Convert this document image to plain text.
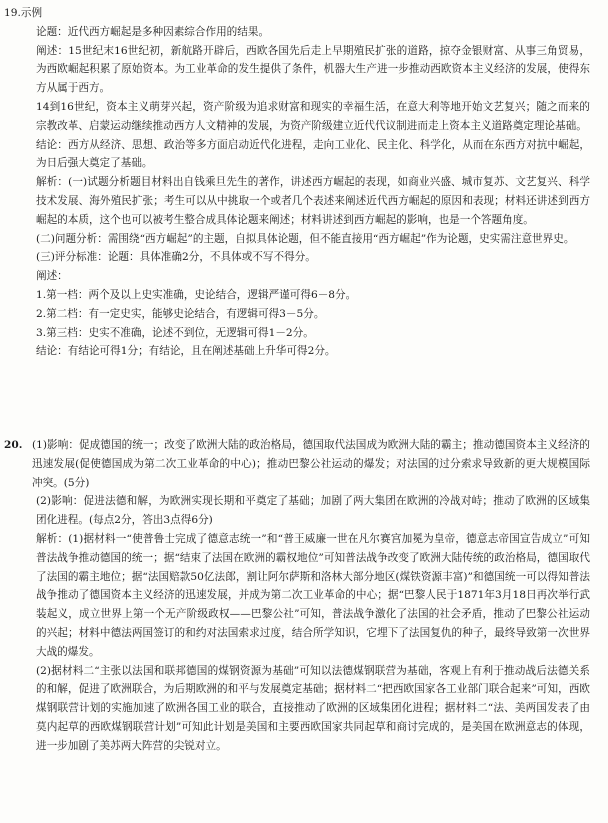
19.示例

论题：近代西方崛起是多种因素综合作用的结果。

阐述：15世纪末16世纪初，新航路开辟后，西欧各国先后走上早期殖民扩张的道路，掠夺金银财富、从事三角贸易，为西欧崛起积累了原始资本。为工业革命的发生提供了条件，机器大生产进一步推动西欧资本主义经济的发展，使得东方从属于西方。

14到16世纪，资本主义萌芽兴起，资产阶级为追求财富和现实的幸福生活，在意大利等地开始文艺复兴；随之而来的宗教改革、启蒙运动继续推动西方人文精神的发展，为资产阶级建立近代代议制进而走上资本主义道路奠定理论基础。

结论：西方从经济、思想、政治等多方面启动近代化进程，走向工业化、民主化、科学化，从而在东西方对抗中崛起，为日后强大奠定了基础。

解析：(一)试题分析题目材料出自钱乘旦先生的著作，讲述西方崛起的表现，如商业兴盛、城市复苏、文艺复兴、科学技术发展、海外殖民扩张；考生可以从中挑取一个或者几个表述来阐述近代西方崛起的原因和表现；材料还讲述到西方崛起的本质，这个也可以被考生整合成具体论题来阐述；材料讲述到西方崛起的影响，也是一个答题角度。

(二)问题分析：需围绕“西方崛起”的主题，自拟具体论题，但不能直接用“西方崛起”作为论题，史实需注意世界史。

(三)评分标准：论题：具体准确2分，不具体或不写不得分。

阐述：

1.第一档：两个及以上史实准确，史论结合，逻辑严谨可得6－8分。

2.第二档：有一定史实，能够史论结合，有逻辑可得3－5分。

3.第三档：史实不准确，论述不到位，无逻辑可得1－2分。

结论：有结论可得1分；有结论，且在阐述基础上升华可得2分。

20. (1)影响：促成德国的统一；改变了欧洲大陆的政治格局，德国取代法国成为欧洲大陆的霸主；推动德国资本主义经济的迅速发展(促使德国成为第二次工业革命的中心)；推动巴黎公社运动的爆发；对法国的过分索求导致新的更大规模国际冲突。(5分)

(2)影响：促进法德和解，为欧洲实现长期和平奠定了基础；加剧了两大集团在欧洲的冷战对峙；推动了欧洲的区域集团化进程。(每点2分，答出3点得6分)

解析：(1)据材料一“使普鲁士完成了德意志统一”和“普王威廉一世在凡尔赛宫加冕为皇帝，德意志帝国宣告成立”可知普法战争推动德国的统一；据“结束了法国在欧洲的霸权地位”可知普法战争改变了欧洲大陆传统的政治格局，德国取代了法国的霸主地位；据“法国赔款50亿法郎，割让阿尔萨斯和洛林大部分地区(煤铁资源丰富)”和德国统一可以得知普法战争推动了德国资本主义经济的迅速发展，并成为第二次工业革命的中心；据“巴黎人民于1871年3月18日再次举行武装起义，成立世界上第一个无产阶级政权——巴黎公社”可知，普法战争激化了法国的社会矛盾，推动了巴黎公社运动的兴起；材料中德法两国签订的和约对法国索求过度，结合所学知识，它埋下了法国复仇的种子，最终导致第一次世界大战的爆发。

(2)据材料二“主张以法国和联邦德国的煤钢资源为基础”可知以法德煤钢联营为基础，客观上有利于推动战后法德关系的和解，促进了欧洲联合，为后期欧洲的和平与发展奠定基础；据材料二“把西欧国家各工业部门联合起来”可知，西欧煤钢联营计划的实施加速了欧洲各国工业的联合，直接推动了欧洲的区域集团化进程；据材料二“法、美两国发表了由莫内起草的西欧煤钢联营计划”可知此计划是美国和主要西欧国家共同起草和商讨完成的，是美国在欧洲意志的体现，进一步加剧了美苏两大阵营的尖锐对立。
